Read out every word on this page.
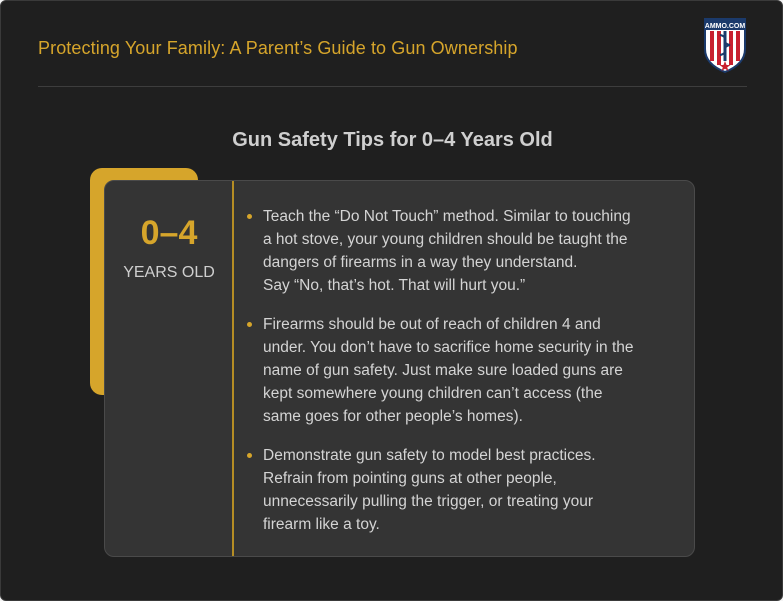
Protecting Your Family: A Parent’s Guide to Gun Ownership
AMMO.COM
Gun Safety Tips for 0–4 Years Old
0–4
YEARS OLD
Teach the “Do Not Touch” method. Similar to touching
a hot stove, your young children should be taught the
dangers of firearms in a way they understand.
Say “No, that’s hot. That will hurt you.”
Firearms should be out of reach of children 4 and
under. You don’t have to sacrifice home security in the
name of gun safety. Just make sure loaded guns are
kept somewhere young children can’t access (the
same goes for other people’s homes).
Demonstrate gun safety to model best practices.
Refrain from pointing guns at other people,
unnecessarily pulling the trigger, or treating your
firearm like a toy.
